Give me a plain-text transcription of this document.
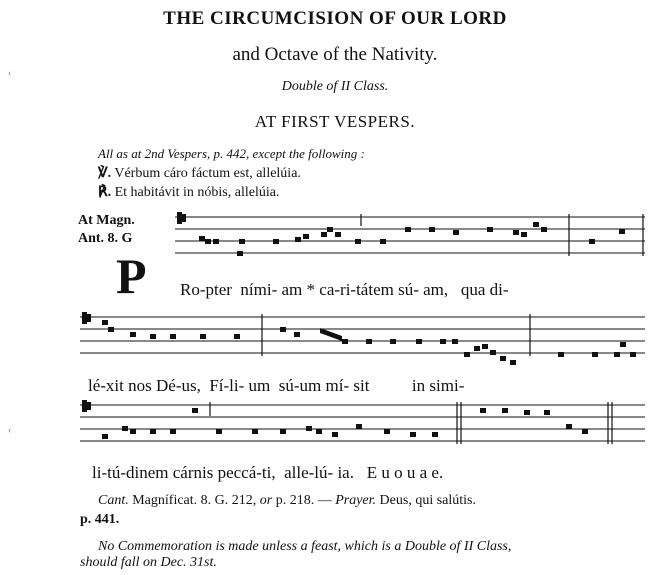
THE CIRCUMCISION OF OUR LORD
and Octave of the Nativity.
Double of II Class.
AT FIRST VESPERS.
All as at 2nd Vespers, p. 442, except the following :
℣. Vérbum cáro fáctum est, allelúia.
℟. Et habitávit in nóbis, allelúia.
‹
‹
At Magn.
Ant. 8. G
P Ro-pter  ními- am * ca-ri-tátem sú- am,   qua di-
lé-xit nos Dé-us,  Fí-li- um  sú-um mí- sit          in simi-
li-tú-dinem cárnis peccá-ti,  alle-lú- ia.   E u o u a e.
Cant. Magníficat. 8. G. 212, or p. 218. — Prayer. Deus, qui salútis.
p. 441.
No Commemoration is made unless a feast, which is a Double of II Class,
should fall on Dec. 31st.
